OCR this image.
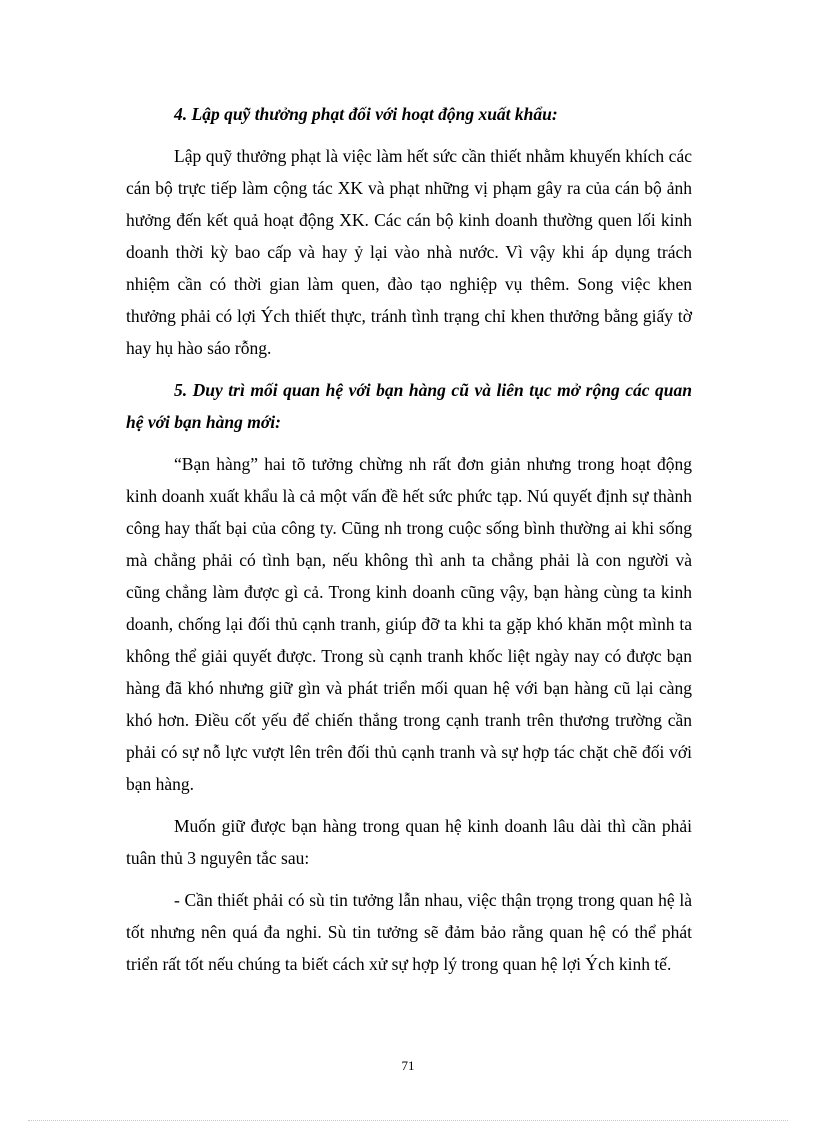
4. Lập quỹ thưởng phạt đối với hoạt động xuất khẩu:

Lập quỹ thưởng phạt là việc làm hết sức cần thiết nhằm khuyến khích các cán bộ trực tiếp làm cộng tác XK và phạt những vị phạm gây ra của cán bộ ảnh hưởng đến kết quả hoạt động XK. Các cán bộ kinh doanh thường quen lối kinh doanh thời kỳ bao cấp và hay ỷ lại vào nhà nước. Vì vậy khi áp dụng trách nhiệm cần có thời gian làm quen, đào tạo nghiệp vụ thêm. Song việc khen thưởng phải có lợi Ých thiết thực, tránh tình trạng chỉ khen thưởng bằng giấy tờ hay hụ hào sáo rỗng.

5. Duy trì mối quan hệ với bạn hàng cũ và liên tục mở rộng các quan hệ với bạn hàng mới:

“Bạn hàng” hai tõ tưởng chừng nh rất đơn giản nhưng trong hoạt động kinh doanh xuất khẩu là cả một vấn đề hết sức phức tạp. Nú quyết định sự thành công hay thất bại của công ty. Cũng nh trong cuộc sống bình thường ai khi sống mà chẳng phải có tình bạn, nếu không thì anh ta chẳng phải là con người và cũng chẳng làm được gì cả. Trong kinh doanh cũng vậy, bạn hàng cùng ta kinh doanh, chống lại đối thủ cạnh tranh, giúp đỡ ta khi ta gặp khó khăn một mình ta không thể giải quyết được. Trong sù cạnh tranh khốc liệt ngày nay có được bạn hàng đã khó nhưng giữ gìn và phát triển mối quan hệ với bạn hàng cũ lại càng khó hơn. Điều cốt yếu để chiến thắng trong cạnh tranh trên thương trường cần phải có sự nỗ lực vượt lên trên đối thủ cạnh tranh và sự hợp tác chặt chẽ đối với bạn hàng.

Muốn giữ được bạn hàng trong quan hệ kinh doanh lâu dài thì cần phải tuân thủ 3 nguyên tắc sau:

- Cần thiết phải có sù tin tưởng lẫn nhau, việc thận trọng trong quan hệ là tốt nhưng nên quá đa nghi. Sù tin tưởng sẽ đảm bảo rằng quan hệ có thể phát triển rất tốt nếu chúng ta biết cách xử sự hợp lý trong quan hệ lợi Ých kinh tế.

71
